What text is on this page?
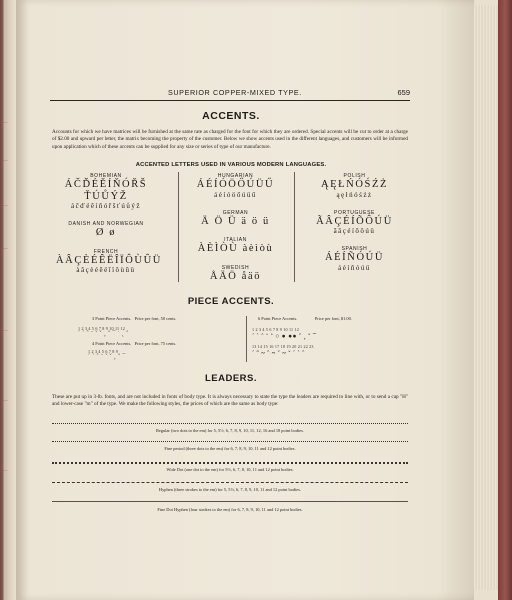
~~
~~
~~
~~
~~
~~
~~
SUPERIOR COPPER-MIXED TYPE.	659
ACCENTS.
Accounts for which we have matrices will be furnished at the same rate as charged for the font for which they are ordered. Special accents will be cut to order at a charge of $2.00 and upward per letter, the matrix becoming the property of the customer. Below we show accents used in the different languages, and customers will be informed upon application which of these accents can be supplied for any size or series of type of our manufacture.
ACCENTED LETTERS USED IN VARIOUS MODERN LANGUAGES.
BOHEMIAN
ÁČĎÉĚÍŇÓŘŠ
ŤÚŮÝŽ
áčďéěíňóřšťúůýž
DANISH AND NORWEGIAN
Ø ø
FRENCH
ÀÂÇÈÉÊËÎÏÔÙÛÜ
àâçèéêëîïôùûü
HUNGARIAN
ÁÉÍÓÖŐÚÜŰ
áéíóöőúüű
GERMAN
Ä Ö Ü ä ö ü
ITALIAN
ÀÈÌÒÙ àèìòù
SWEDISH
ÅÄÖ åäö
POLISH
ĄĘŁŃÓŚŹŻ
ąęłńóśźż
PORTUGUESE
ÃÂÇÉÍÕÔÚÜ
ãâçéíõôúü
SPANISH
ÁÉÍÑÓÚÜ
áéíñóúü
PIECE ACCENTS.
3 Point Piece Accents. Price per font, 50 cents.
1 2 3 4 5 6 7 8 9 10 11 12
ˊ ˋ ˆ ¨ ˜ ˇ ¸ ˘ ¯ ˙ ˛ ˚
4 Point Piece Accents. Price per font, 75 cents.
1 2 3 4 5 6 7 8 9
ˊ ˋ ˆ ¨ ˜ ˇ ¸ ˘ ¯
6 Point Piece Accents.	Price per font, $1.00.
1 2 3 4 5 6 7 8 9 10 11 12
ˊ ˋ ˆ ¨ ˚ ○ ● ●● ˇ ¸ ˘ ¯
13 14 15 16 17 18 19 20 21 22 23
ˊ ˜ ~ ˆ ~ ˇ ~ ˘ ˊ ˋ ˆ
LEADERS.
These are put up in 3-lb. fonts, and are not included in fonts of body type. It is always necessary to state the type the leaders are required to line with, or to send a cap "H" and lower-case "m" of the type. We make the following styles, the prices of which are the same as body type:
Regular (two dots to the em) for 5, 5½, 6, 7, 8, 9, 10, 11, 12, 16 and 18 point bodies.
Fine period (three dots to the em) for 6, 7, 8, 9, 10, 11 and 12 point bodies.
Wide Dot (one dot to the em) for 5½, 6, 7, 8, 10, 11 and 12 point bodies.
Hyphen (three strokes to the em) for 5, 5½, 6, 7, 8, 9, 10, 11 and 12 point bodies.
Fine Dot Hyphen (four strokes to the em) for 6, 7, 8, 9, 10, 11 and 12 point bodies.
